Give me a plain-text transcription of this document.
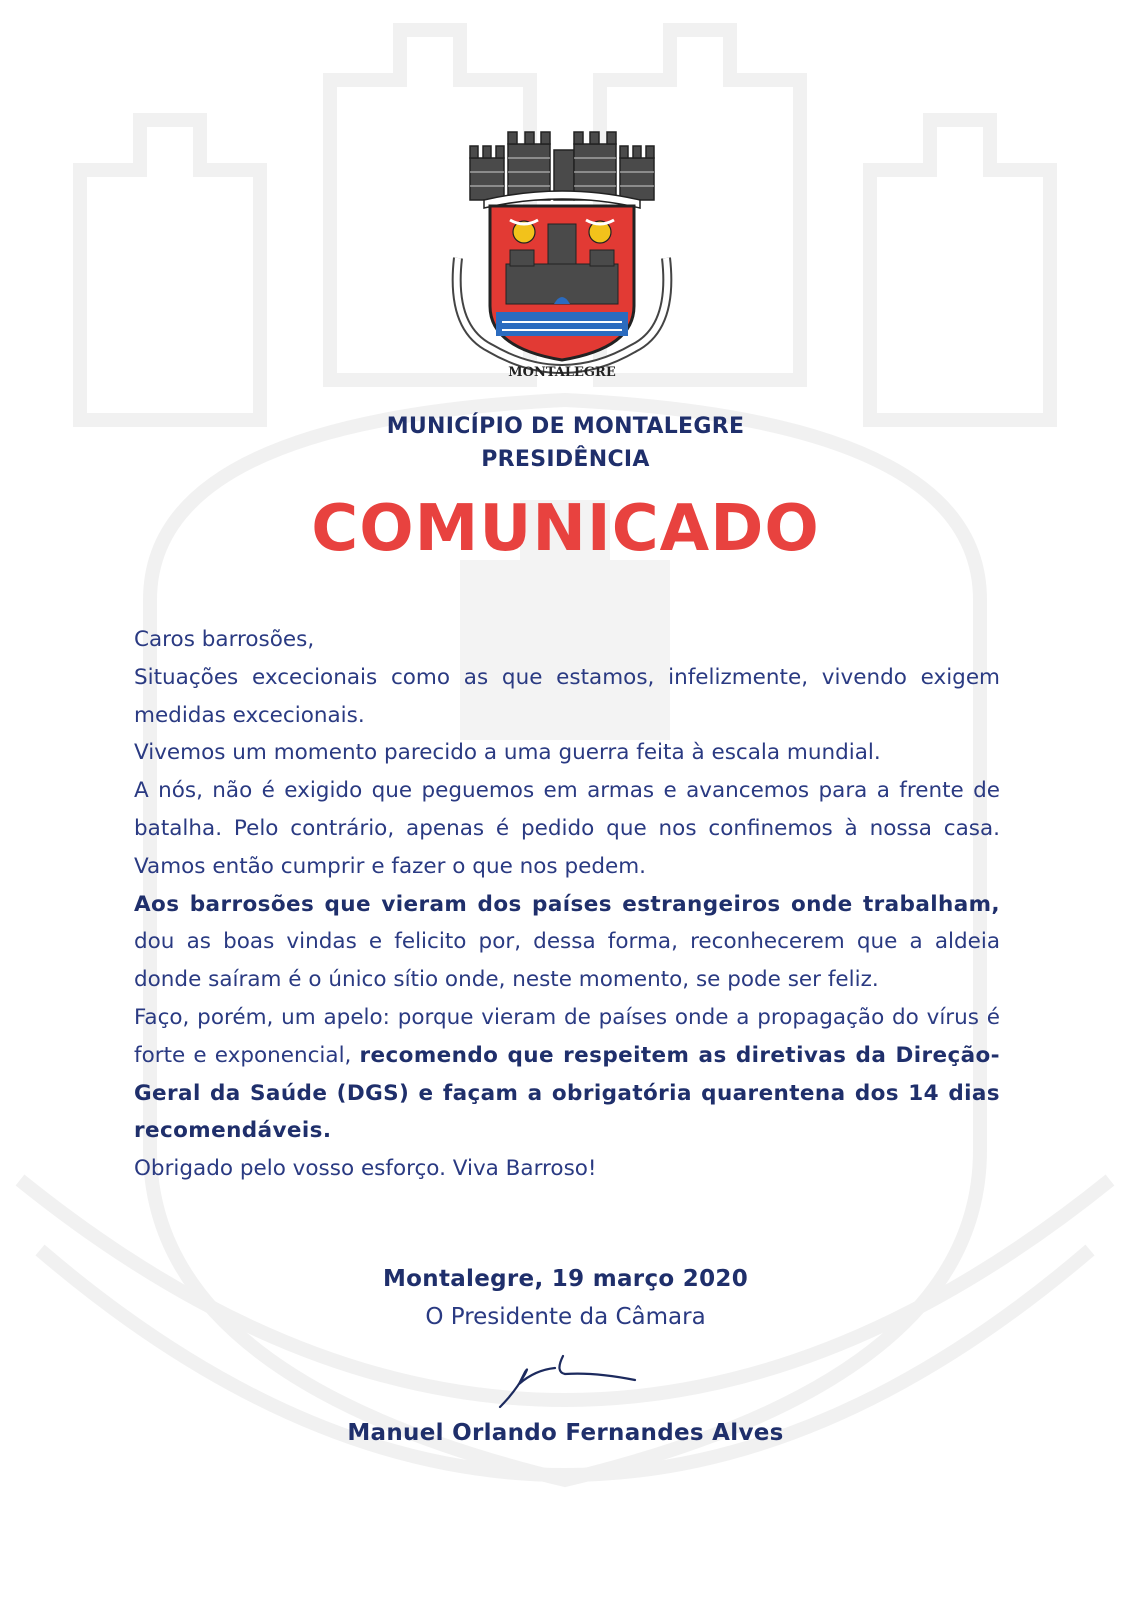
MONTALEGRE
MUNICÍPIO DE MONTALEGRE
PRESIDÊNCIA
COMUNICADO

Caros barrosões,

Situações excecionais como as que estamos, infelizmente, vivendo exigem medidas excecionais.

Vivemos um momento parecido a uma guerra feita à escala mundial.

A nós, não é exigido que peguemos em armas e avancemos para a frente de batalha. Pelo contrário, apenas é pedido que nos confinemos à nossa casa. Vamos então cumprir e fazer o que nos pedem.

Aos barrosões que vieram dos países estrangeiros onde trabalham, dou as boas vindas e felicito por, dessa forma, reconhecerem que a aldeia donde saíram é o único sítio onde, neste momento, se pode ser feliz.

Faço, porém, um apelo: porque vieram de países onde a propagação do vírus é forte e exponencial, recomendo que respeitem as diretivas da Direção-Geral da Saúde (DGS) e façam a obrigatória quarentena dos 14 dias recomendáveis.

Obrigado pelo vosso esforço. Viva Barroso!

Montalegre, 19 março 2020
O Presidente da Câmara
Manuel Orlando Fernandes Alves
